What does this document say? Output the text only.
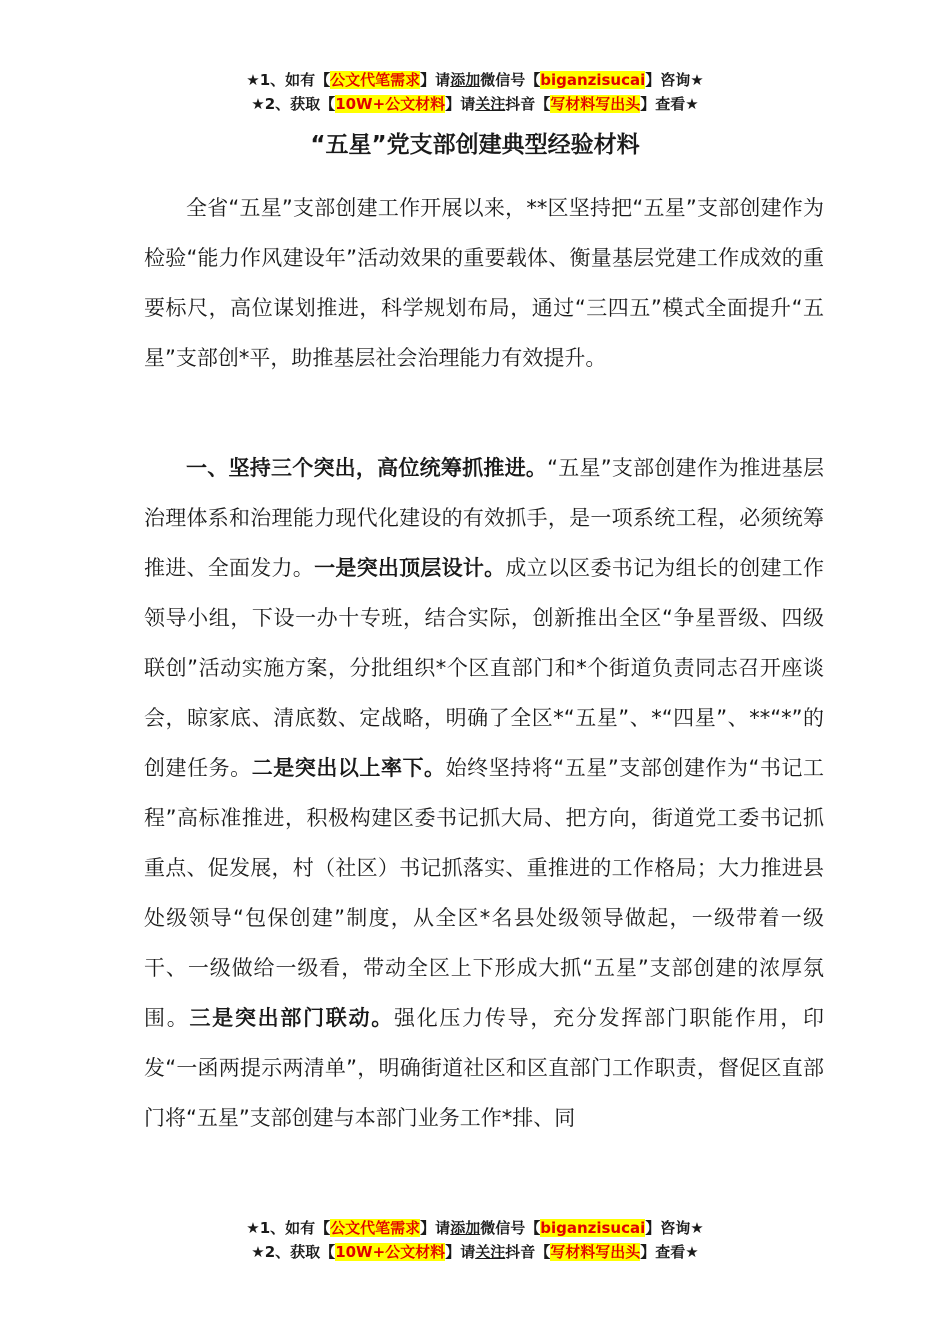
★1、如有【公文代笔需求】请添加微信号【biganzisucai】咨询★
★2、获取【10W+公文材料】请关注抖音【写材料写出头】查看★
“五星”党支部创建典型经验材料

全省“五星”支部创建工作开展以来，**区坚持把“五星”支部创建作为检验“能力作风建设年”活动效果的重要载体、衡量基层党建工作成效的重要标尺，高位谋划推进，科学规划布局，通过“三四五”模式全面提升“五星”支部创*平，助推基层社会治理能力有效提升。

一、坚持三个突出，高位统筹抓推进。“五星”支部创建作为推进基层治理体系和治理能力现代化建设的有效抓手，是一项系统工程，必须统筹推进、全面发力。一是突出顶层设计。成立以区委书记为组长的创建工作领导小组，下设一办十专班，结合实际，创新推出全区“争星晋级、四级联创”活动实施方案，分批组织*个区直部门和*个街道负责同志召开座谈会，晾家底、清底数、定战略，明确了全区*“五星”、*“四星”、**“*”的创建任务。二是突出以上率下。始终坚持将“五星”支部创建作为“书记工程”高标准推进，积极构建区委书记抓大局、把方向，街道党工委书记抓重点、促发展，村（社区）书记抓落实、重推进的工作格局；大力推进县处级领导“包保创建”制度，从全区*名县处级领导做起，一级带着一级干、一级做给一级看，带动全区上下形成大抓“五星”支部创建的浓厚氛围。三是突出部门联动。强化压力传导，充分发挥部门职能作用，印发“一函两提示两清单”，明确街道社区和区直部门工作职责，督促区直部门将“五星”支部创建与本部门业务工作*排、同

★1、如有【公文代笔需求】请添加微信号【biganzisucai】咨询★
★2、获取【10W+公文材料】请关注抖音【写材料写出头】查看★
